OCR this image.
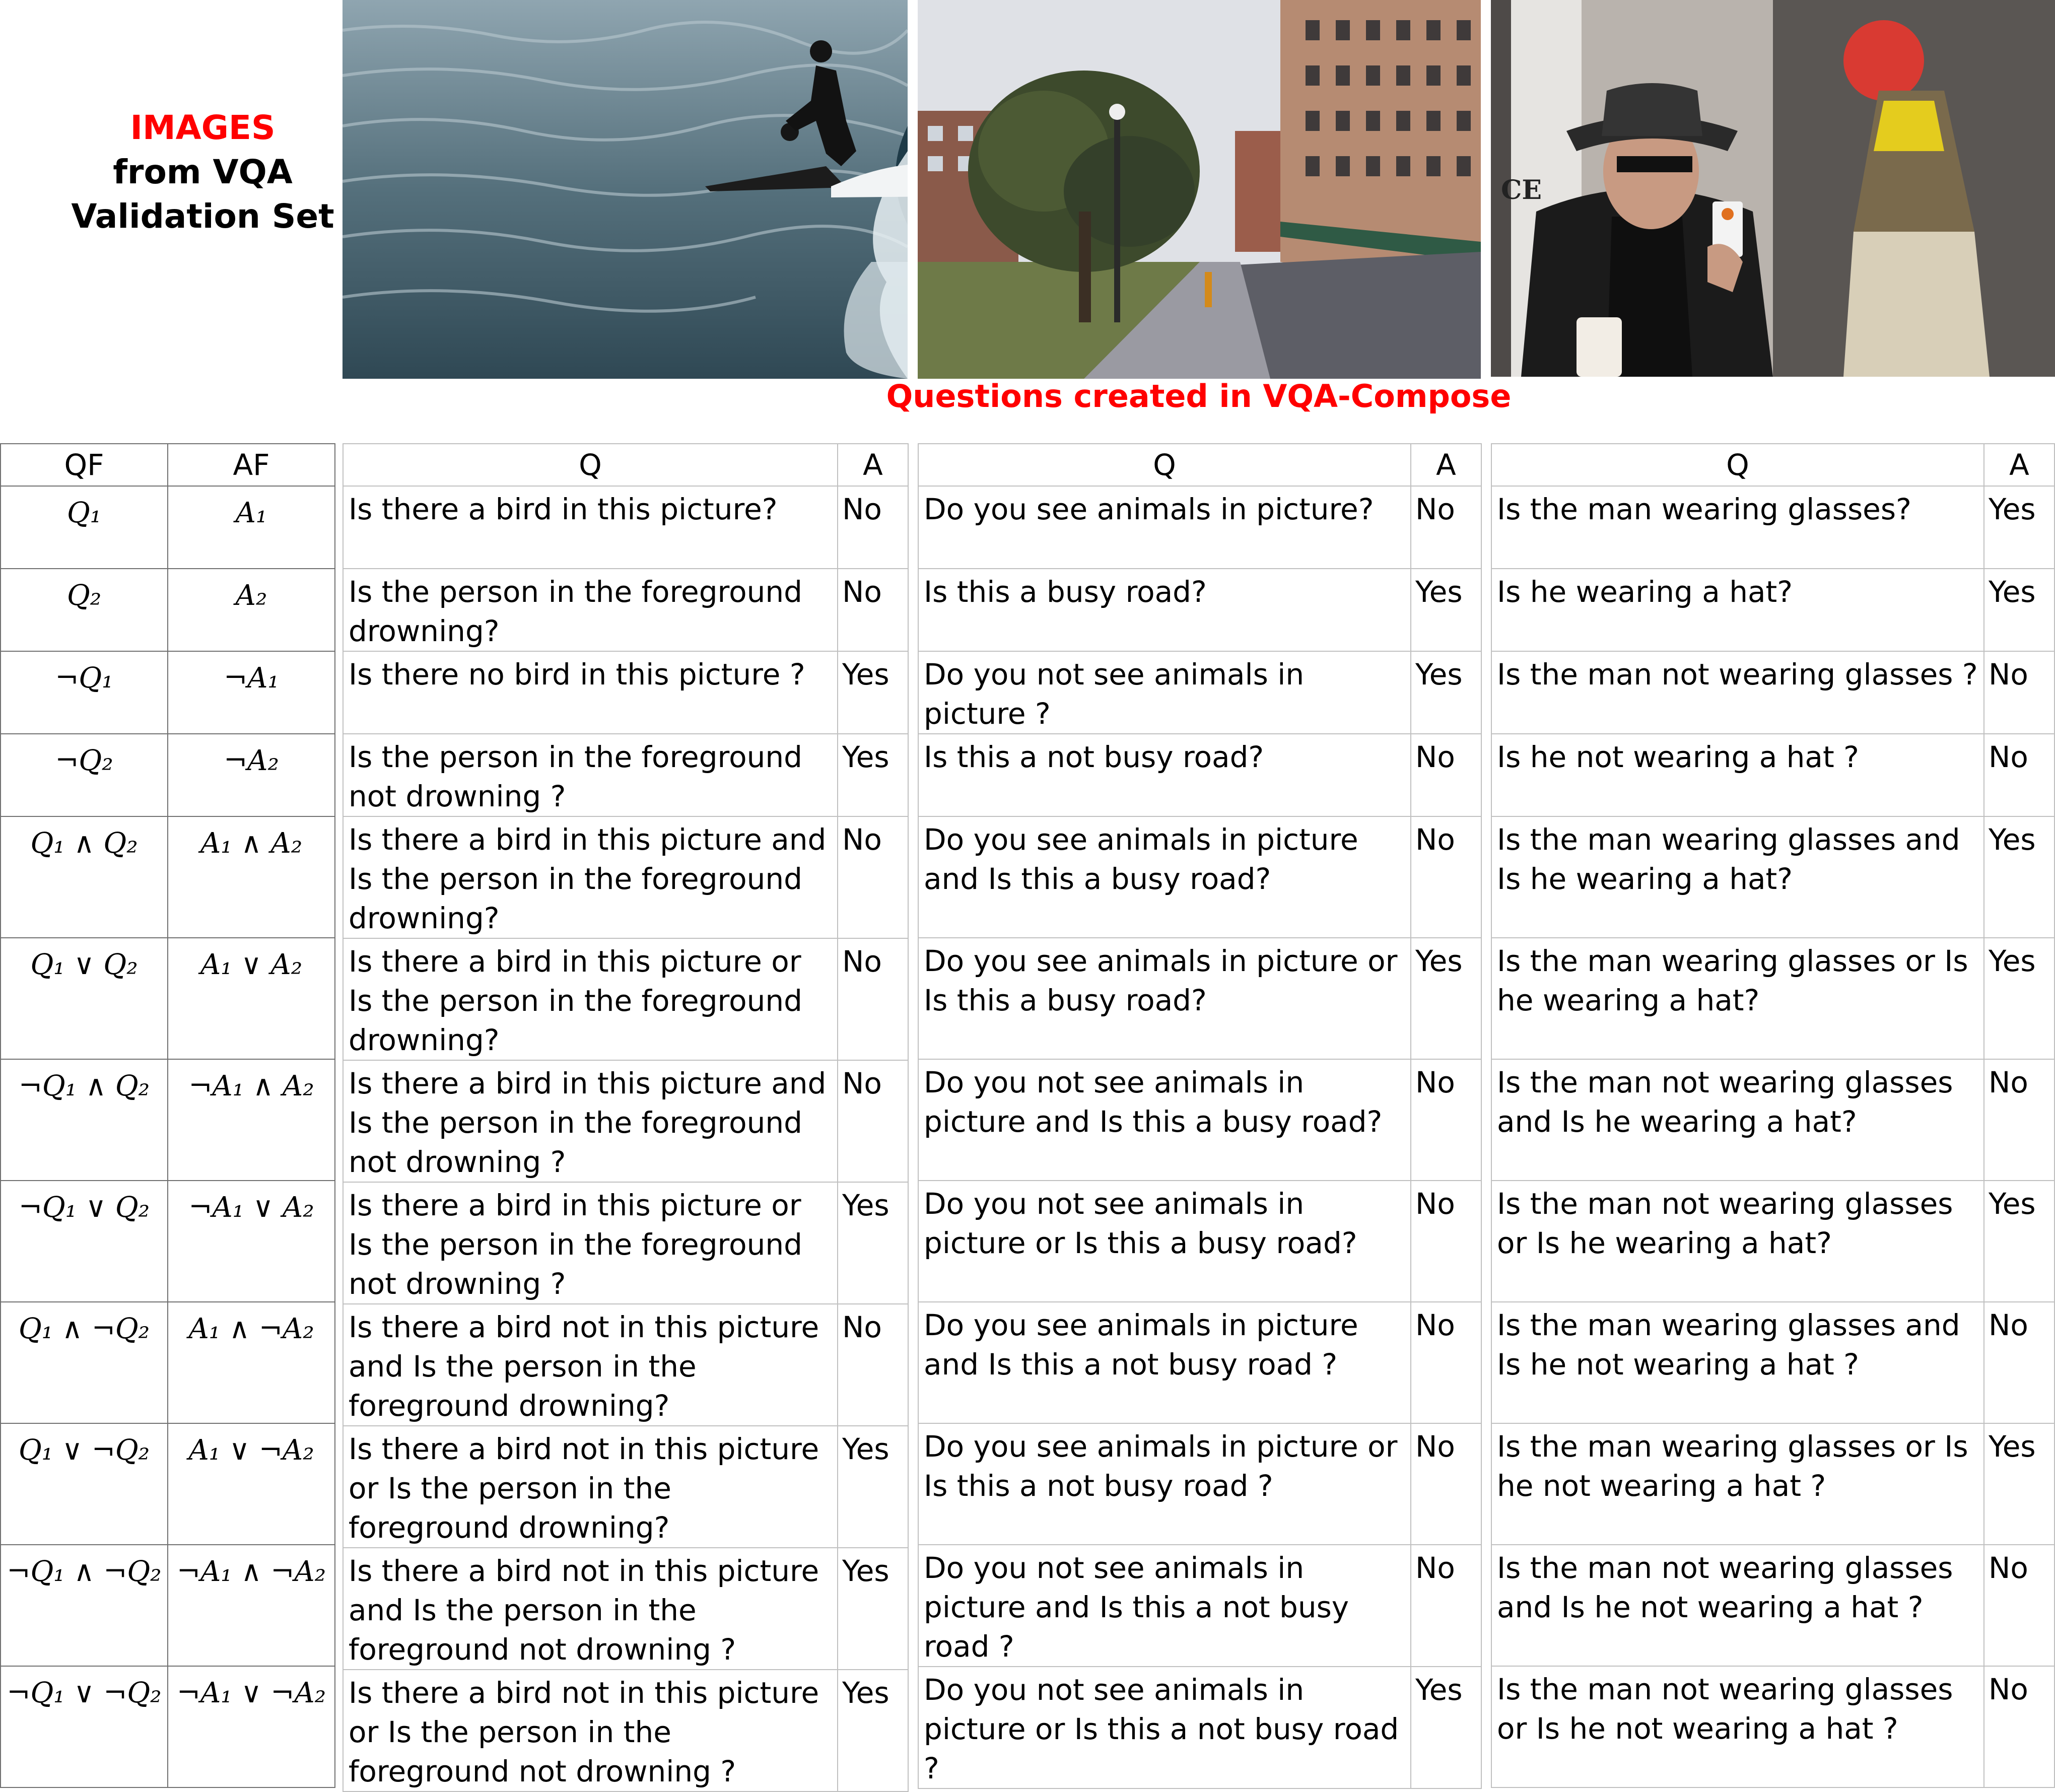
IMAGES
from VQA
Validation Set
CE
Questions created in VQA-Compose
QF	AF
Q₁	A₁
Q₂	A₂
¬Q₁	¬A₁
¬Q₂	¬A₂
Q₁ ∧ Q₂	A₁ ∧ A₂
Q₁ ∨ Q₂	A₁ ∨ A₂
¬Q₁ ∧ Q₂	¬A₁ ∧ A₂
¬Q₁ ∨ Q₂	¬A₁ ∨ A₂
Q₁ ∧ ¬Q₂	A₁ ∧ ¬A₂
Q₁ ∨ ¬Q₂	A₁ ∨ ¬A₂
¬Q₁ ∧ ¬Q₂	¬A₁ ∧ ¬A₂
¬Q₁ ∨ ¬Q₂	¬A₁ ∨ ¬A₂
Q	A
Is there a bird in this picture?	No
Is the person in the foreground drowning?	No
Is there no bird in this picture ?	Yes
Is the person in the foreground not drowning ?	Yes
Is there a bird in this picture and Is the person in the foreground drowning?	No
Is there a bird in this picture or Is the person in the foreground drowning?	No
Is there a bird in this picture and Is the person in the foreground not drowning ?	No
Is there a bird in this picture or Is the person in the foreground not drowning ?	Yes
Is there a bird not in this picture and Is the person in the foreground drowning?	No
Is there a bird not in this picture or Is the person in the foreground drowning?	Yes
Is there a bird not in this picture and Is the person in the foreground not drowning ?	Yes
Is there a bird not in this picture or Is the person in the foreground not drowning ?	Yes
Q	A
Do you see animals in picture?	No
Is this a busy road?	Yes
Do you not see animals in picture ?	Yes
Is this a not busy road?	No
Do you see animals in picture and Is this a busy road?	No
Do you see animals in picture or Is this a busy road?	Yes
Do you not see animals in picture and Is this a busy road?	No
Do you not see animals in picture or Is this a busy road?	No
Do you see animals in picture and Is this a not busy road ?	No
Do you see animals in picture or Is this a not busy road ?	No
Do you not see animals in picture and Is this a not busy road ?	No
Do you not see animals in picture or Is this a not busy road ?	Yes
Q	A
Is the man wearing glasses?	Yes
Is he wearing a hat?	Yes
Is the man not wearing glasses ?	No
Is he not wearing a hat ?	No
Is the man wearing glasses and Is he wearing a hat?	Yes
Is the man wearing glasses or Is he wearing a hat?	Yes
Is the man not wearing glasses and Is he wearing a hat?	No
Is the man not wearing glasses or Is he wearing a hat?	Yes
Is the man wearing glasses and Is he not wearing a hat ?	No
Is the man wearing glasses or Is he not wearing a hat ?	Yes
Is the man not wearing glasses and Is he not wearing a hat ?	No
Is the man not wearing glasses or Is he not wearing a hat ?	No
